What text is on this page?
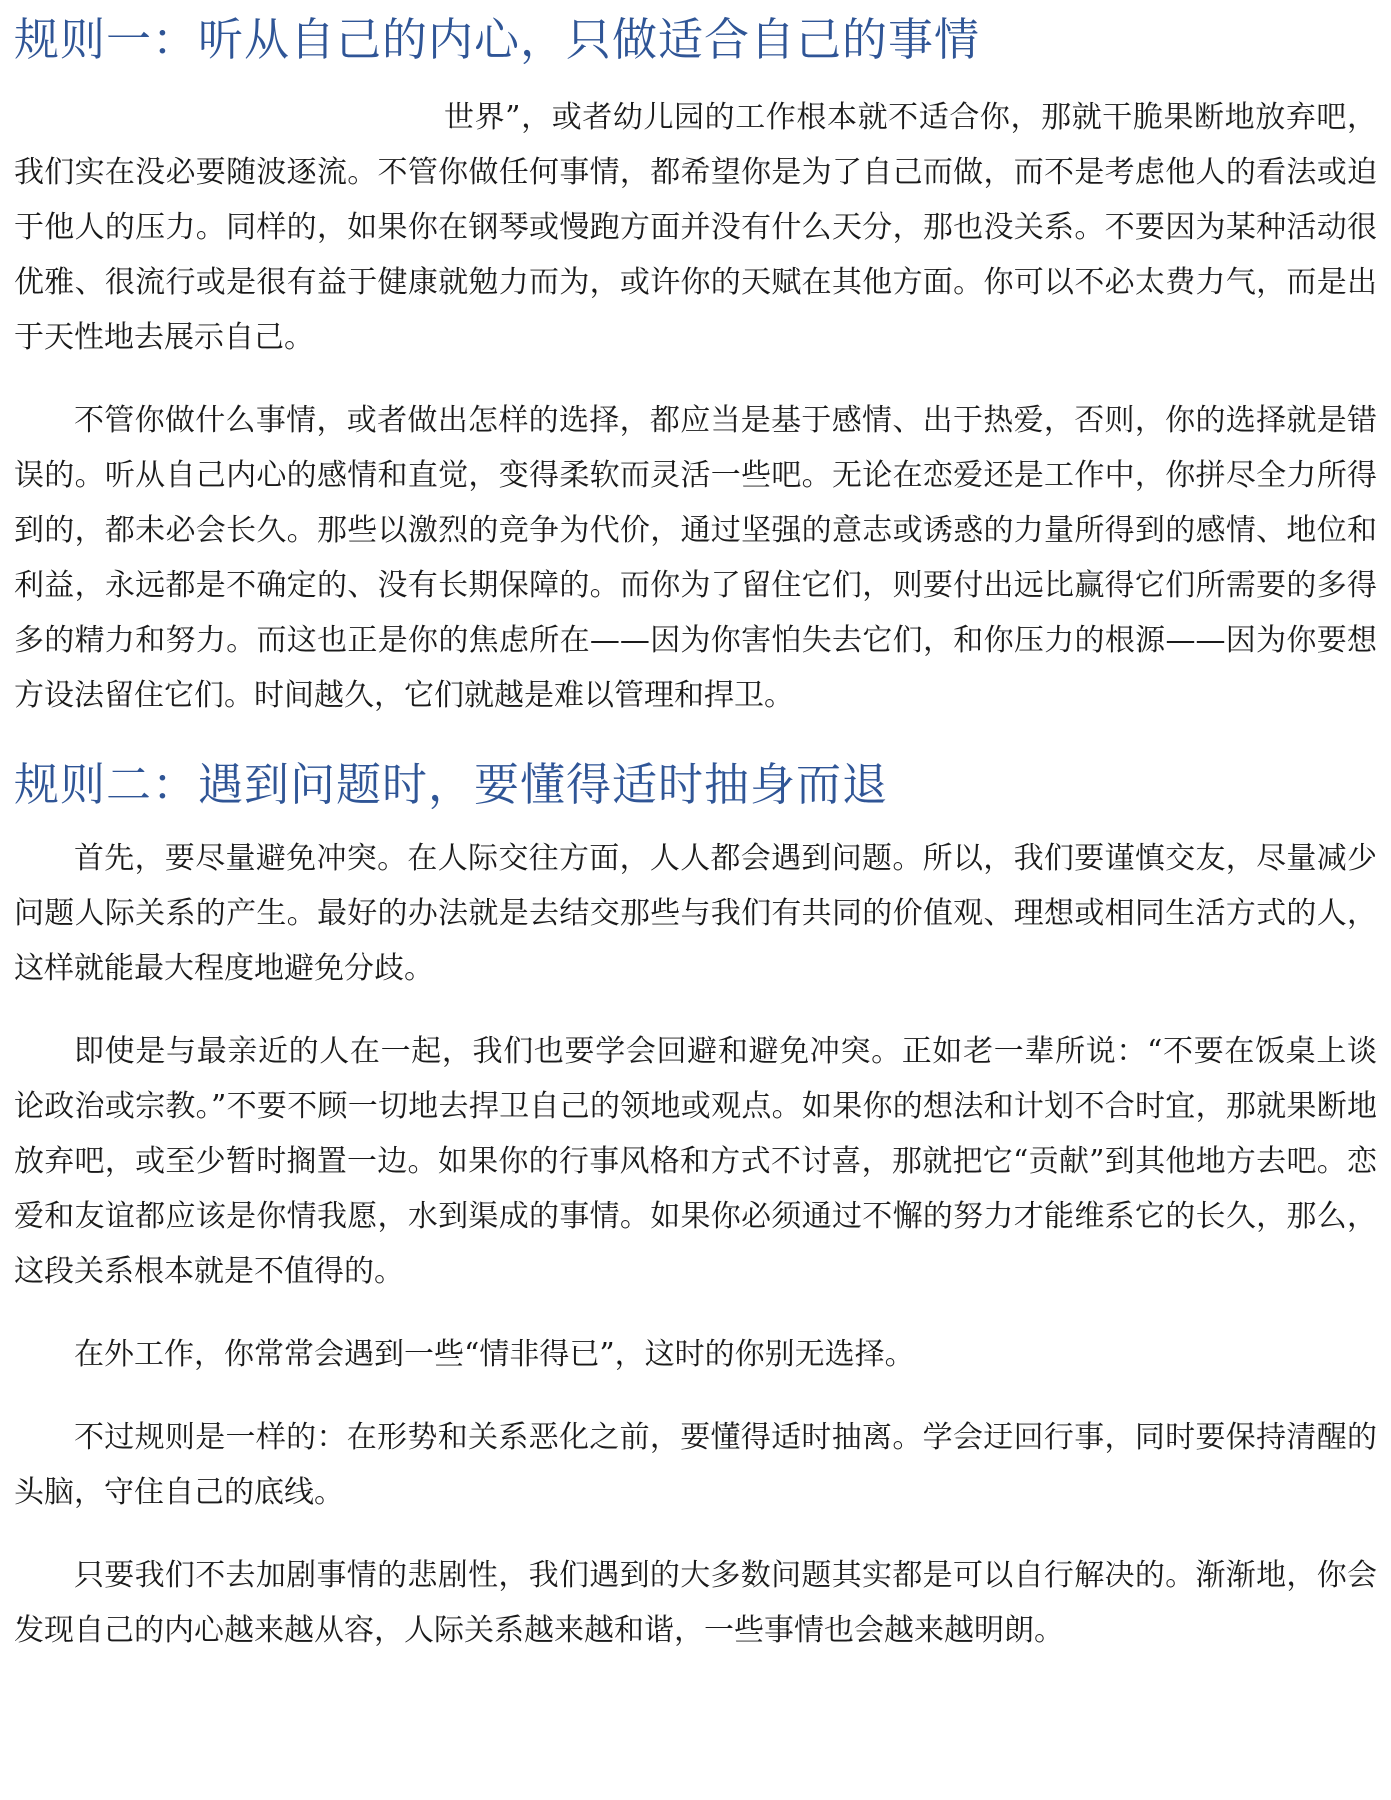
规则一：听从自己的内心，只做适合自己的事情

世界”，或者幼儿园的工作根本就不适合你，那就干脆果断地放弃吧，我们实在没必要随波逐流。不管你做任何事情，都希望你是为了自己而做，而不是考虑他人的看法或迫于他人的压力。同样的，如果你在钢琴或慢跑方面并没有什么天分，那也没关系。不要因为某种活动很优雅、很流行或是很有益于健康就勉力而为，或许你的天赋在其他方面。你可以不必太费力气，而是出于天性地去展示自己。

不管你做什么事情，或者做出怎样的选择，都应当是基于感情、出于热爱，否则，你的选择就是错误的。听从自己内心的感情和直觉，变得柔软而灵活一些吧。无论在恋爱还是工作中，你拼尽全力所得到的，都未必会长久。那些以激烈的竞争为代价，通过坚强的意志或诱惑的力量所得到的感情、地位和利益，永远都是不确定的、没有长期保障的。而你为了留住它们，则要付出远比赢得它们所需要的多得多的精力和努力。而这也正是你的焦虑所在——因为你害怕失去它们，和你压力的根源——因为你要想方设法留住它们。时间越久，它们就越是难以管理和捍卫。

规则二：遇到问题时，要懂得适时抽身而退

首先，要尽量避免冲突。在人际交往方面，人人都会遇到问题。所以，我们要谨慎交友，尽量减少问题人际关系的产生。最好的办法就是去结交那些与我们有共同的价值观、理想或相同生活方式的人，这样就能最大程度地避免分歧。

即使是与最亲近的人在一起，我们也要学会回避和避免冲突。正如老一辈所说：“不要在饭桌上谈论政治或宗教。”不要不顾一切地去捍卫自己的领地或观点。如果你的想法和计划不合时宜，那就果断地放弃吧，或至少暂时搁置一边。如果你的行事风格和方式不讨喜，那就把它“贡献”到其他地方去吧。恋爱和友谊都应该是你情我愿，水到渠成的事情。如果你必须通过不懈的努力才能维系它的长久，那么，这段关系根本就是不值得的。

在外工作，你常常会遇到一些“情非得已”，这时的你别无选择。

不过规则是一样的：在形势和关系恶化之前，要懂得适时抽离。学会迂回行事，同时要保持清醒的头脑，守住自己的底线。

只要我们不去加剧事情的悲剧性，我们遇到的大多数问题其实都是可以自行解决的。渐渐地，你会发现自己的内心越来越从容，人际关系越来越和谐，一些事情也会越来越明朗。
